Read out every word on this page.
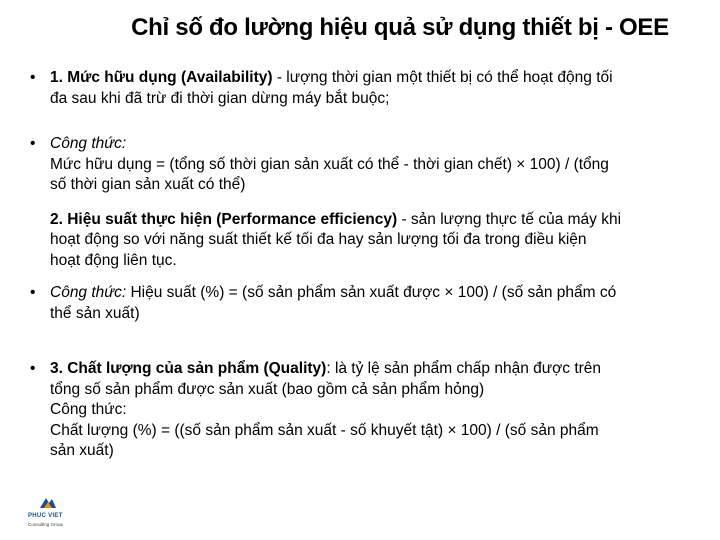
Chỉ số đo lường hiệu quả sử dụng thiết bị - OEE
• 1. Mức hữu dụng (Availability) - lượng thời gian một thiết bị có thể hoạt động tối
đa sau khi đã trừ đi thời gian dừng máy bắt buộc;
• Công thức:
Mức hữu dụng = (tổng số thời gian sản xuất có thể - thời gian chết) × 100) / (tổng
số thời gian sản xuất có thể)
2. Hiệu suất thực hiện (Performance efficiency) - sản lượng thực tế của máy khi
hoạt động so với năng suất thiết kế tối đa hay sản lượng tối đa trong điều kiện
hoạt động liên tục.
• Công thức: Hiệu suất (%) = (số sản phẩm sản xuất được × 100) / (số sản phẩm có
thể sản xuất)
• 3. Chất lượng của sản phẩm (Quality): là tỷ lệ sản phẩm chấp nhận được trên
tổng số sản phẩm được sản xuất (bao gồm cả sản phẩm hỏng)
Công thức:
Chất lượng (%) = ((số sản phẩm sản xuất - số khuyết tật) × 100) / (số sản phẩm
sản xuất)
PHUC VIET
Consulting Group
